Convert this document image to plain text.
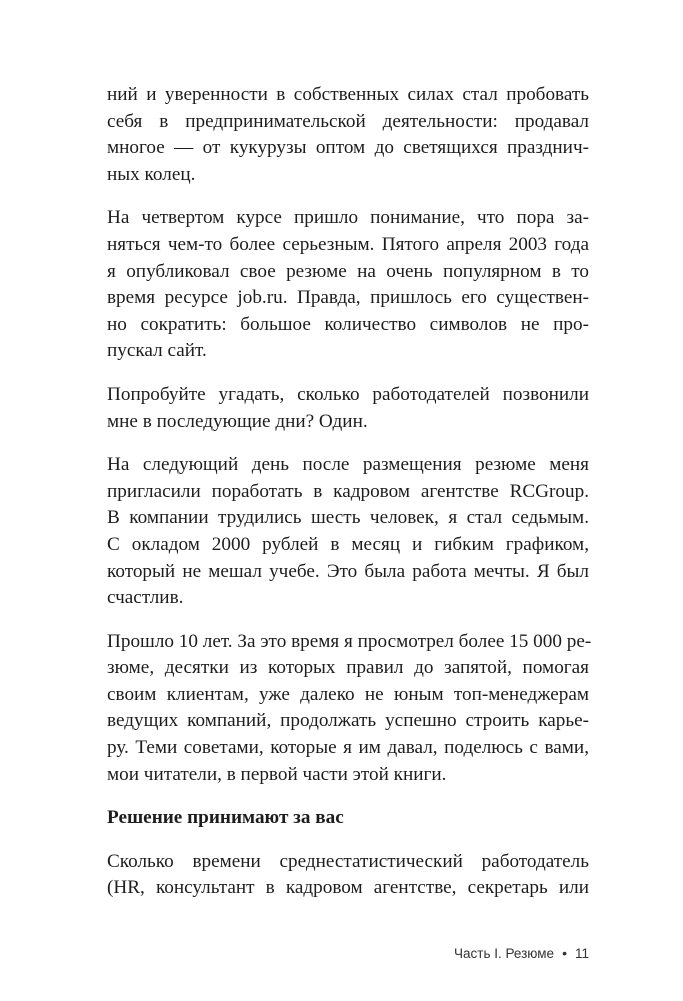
ний и уверенности в собственных силах стал пробовать
себя в предпринимательской деятельности: продавал
многое — от кукурузы оптом до светящихся празднич-
ных колец.

На четвертом курсе пришло понимание, что пора за-
няться чем-то более серьезным. Пятого апреля 2003 года
я опубликовал свое резюме на очень популярном в то
время ресурсе job.ru. Правда, пришлось его существен-
но сократить: большое количество символов не про-
пускал сайт.

Попробуйте угадать, сколько работодателей позвонили
мне в последующие дни? Один.

На следующий день после размещения резюме меня
пригласили поработать в кадровом агентстве RCGroup.
В компании трудились шесть человек, я стал седьмым.
С окладом 2000 рублей в месяц и гибким графиком,
который не мешал учебе. Это была работа мечты. Я был
счастлив.

Прошло 10 лет. За это время я просмотрел более 15 000 ре-
зюме, десятки из которых правил до запятой, помогая
своим клиентам, уже далеко не юным топ-менеджерам
ведущих компаний, продолжать успешно строить карье-
ру. Теми советами, которые я им давал, поделюсь с вами,
мои читатели, в первой части этой книги.

Решение принимают за вас

Сколько времени среднестатистический работодатель
(HR, консультант в кадровом агентстве, секретарь или

Часть I. Резюме • 11
